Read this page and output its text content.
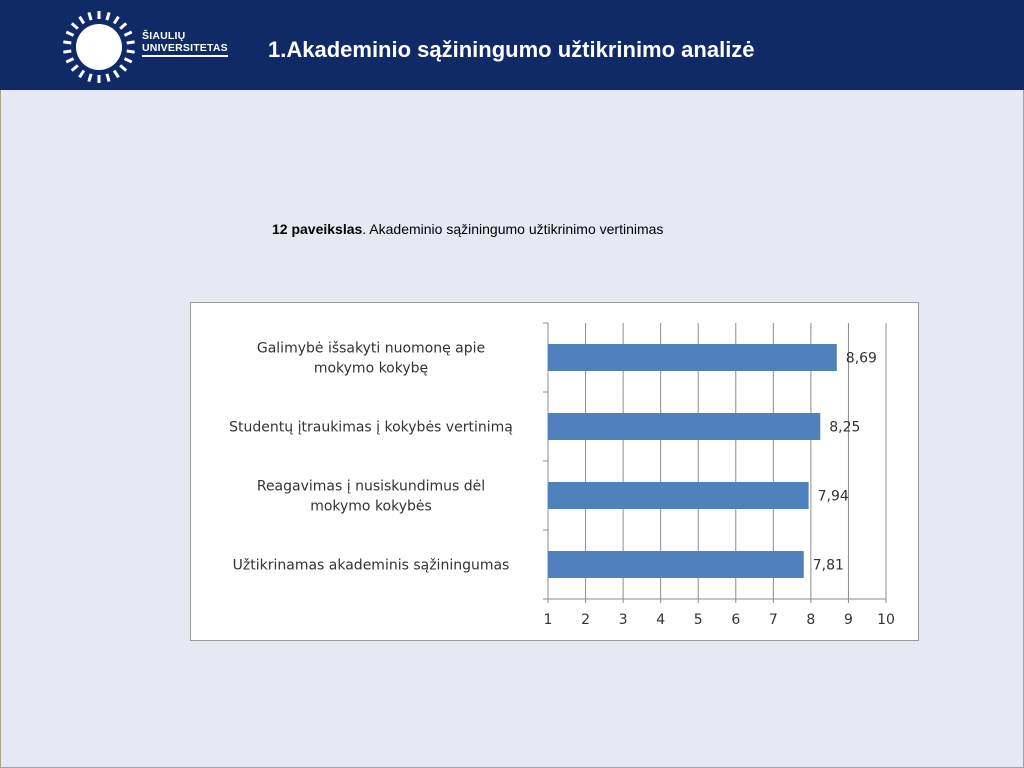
ŠIAULIŲ
UNIVERSITETAS 1.Akademinio sąžiningumo užtikrinimo analizė
12 paveikslas. Akademinio sąžiningumo užtikrinimo vertinimas
1 2 3 4 5 6 7 8 9 10
8,69
Galimybė išsakyti nuomonę apie
mokymo kokybę
8,25
Studentų įtraukimas į kokybės vertinimą
7,94
Reagavimas į nusiskundimus dėl
mokymo kokybės
7,81
Užtikrinamas akademinis sąžiningumas
